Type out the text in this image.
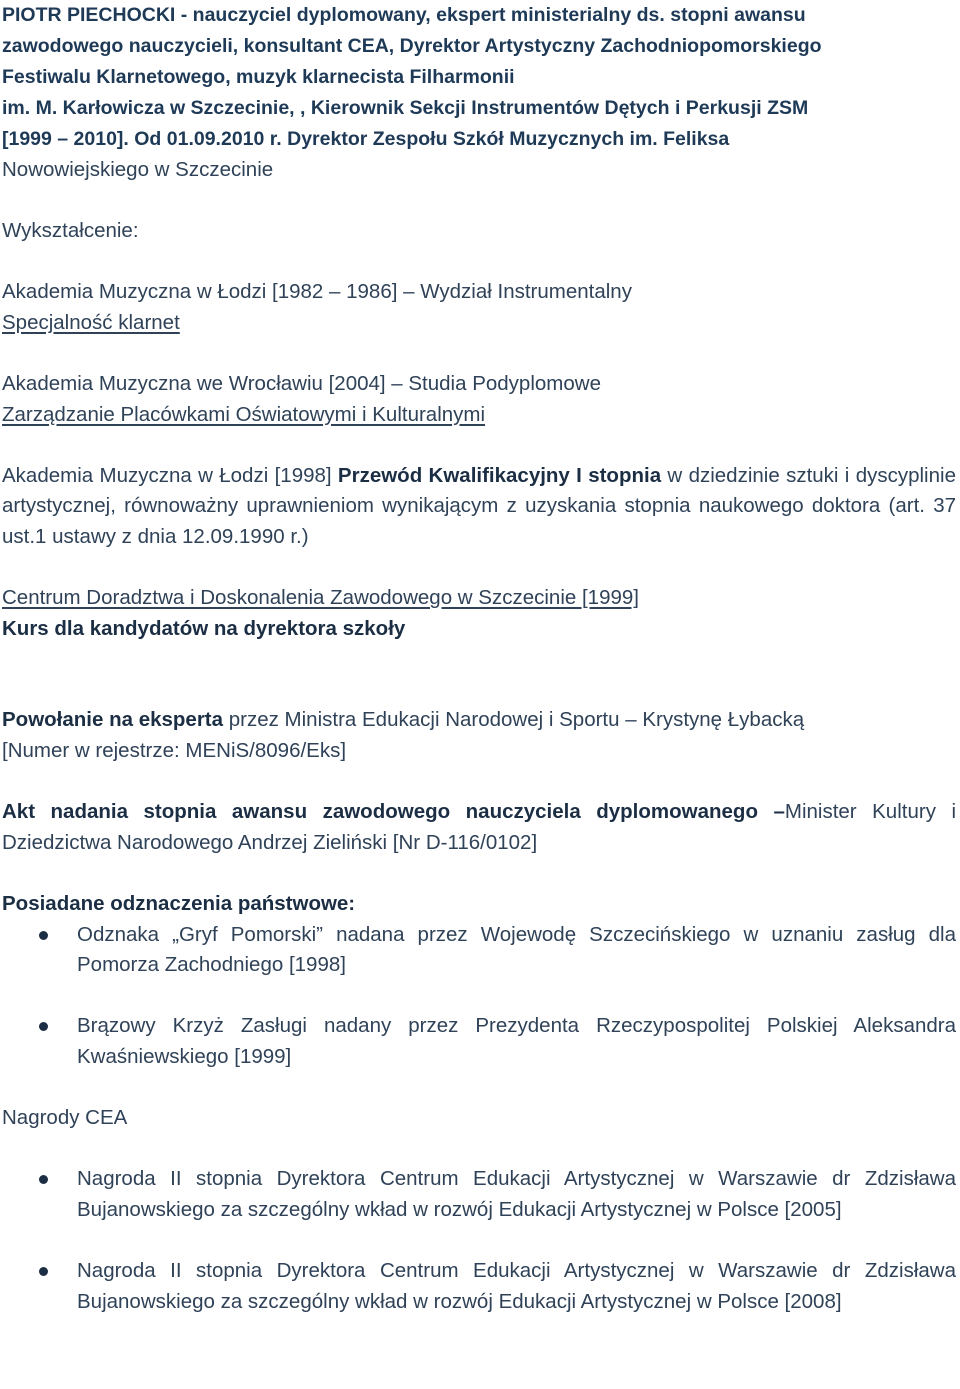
PIOTR PIECHOCKI - nauczyciel dyplomowany, ekspert ministerialny ds. stopni awansu
zawodowego nauczycieli, konsultant CEA, Dyrektor Artystyczny Zachodniopomorskiego
Festiwalu Klarnetowego, muzyk klarnecista Filharmonii
im. M. Karłowicza w Szczecinie, , Kierownik Sekcji Instrumentów Dętych i Perkusji ZSM
[1999 – 2010]. Od 01.09.2010 r. Dyrektor Zespołu Szkół Muzycznych im. Feliksa
Nowowiejskiego w Szczecinie
Wykształcenie:
Akademia Muzyczna w Łodzi [1982 – 1986] – Wydział Instrumentalny
Specjalność klarnet
Akademia Muzyczna we Wrocławiu [2004] – Studia Podyplomowe
Zarządzanie Placówkami Oświatowymi i Kulturalnymi
Akademia Muzyczna w Łodzi [1998] Przewód Kwalifikacyjny I stopnia w dziedzinie sztuki i dyscyplinie artystycznej, równoważny uprawnieniom wynikającym z uzyskania stopnia naukowego doktora (art. 37 ust.1 ustawy z dnia 12.09.1990 r.)
Centrum Doradztwa i Doskonalenia Zawodowego w Szczecinie [1999]
Kurs dla kandydatów na dyrektora szkoły
Powołanie na eksperta przez Ministra Edukacji Narodowej i Sportu – Krystynę Łybacką
[Numer w rejestrze: MENiS/8096/Eks]
Akt nadania stopnia awansu zawodowego nauczyciela dyplomowanego –Minister Kultury i Dziedzictwa Narodowego Andrzej Zieliński [Nr D-116/0102]
Posiadane odznaczenia państwowe:
Odznaka „Gryf Pomorski” nadana przez Wojewodę Szczecińskiego w uznaniu zasług dla Pomorza Zachodniego [1998]
Brązowy Krzyż Zasługi nadany przez Prezydenta Rzeczypospolitej Polskiej Aleksandra Kwaśniewskiego [1999]
Nagrody CEA
Nagroda II stopnia Dyrektora Centrum Edukacji Artystycznej w Warszawie dr Zdzisława Bujanowskiego za szczególny wkład w rozwój Edukacji Artystycznej w Polsce [2005]
Nagroda II stopnia Dyrektora Centrum Edukacji Artystycznej w Warszawie dr Zdzisława Bujanowskiego za szczególny wkład w rozwój Edukacji Artystycznej w Polsce [2008]
